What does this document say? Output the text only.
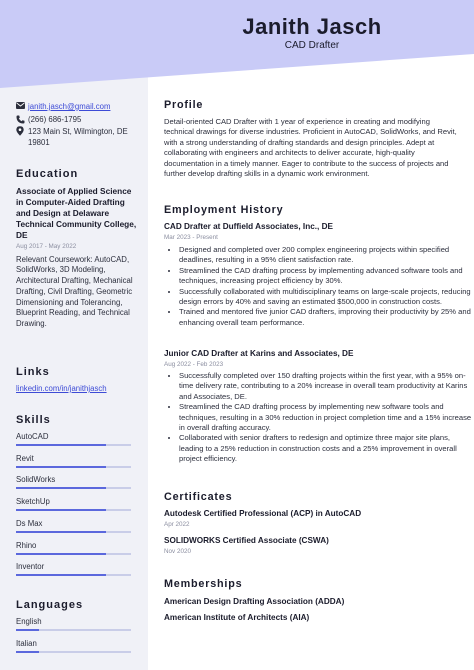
Janith Jasch
CAD Drafter
janith.jasch@gmail.com
(266) 686-1795
123 Main St, Wilmington, DE 19801
Education
Associate of Applied Science in Computer-Aided Drafting and Design at Delaware Technical Community College, DE
Aug 2017 - May 2022
Relevant Coursework: AutoCAD, SolidWorks, 3D Modeling, Architectural Drafting, Mechanical Drafting, Civil Drafting, Geometric Dimensioning and Tolerancing, Blueprint Reading, and Technical Drawing.
Links
linkedin.com/in/janithjasch
Skills
AutoCAD
Revit
SolidWorks
SketchUp
Ds Max
Rhino
Inventor
Languages
English
Italian
Profile
Detail-oriented CAD Drafter with 1 year of experience in creating and modifying technical drawings for diverse industries. Proficient in AutoCAD, SolidWorks, and Revit, with a strong understanding of drafting standards and design principles. Adept at collaborating with engineers and architects to deliver accurate, high-quality documentation in a timely manner. Eager to contribute to the success of projects and further develop drafting skills in a dynamic work environment.
Employment History
CAD Drafter at Duffield Associates, Inc., DE
Mar 2023 - Present
• Designed and completed over 200 complex engineering projects within specified deadlines, resulting in a 95% client satisfaction rate.
• Streamlined the CAD drafting process by implementing advanced software tools and techniques, increasing project efficiency by 30%.
• Successfully collaborated with multidisciplinary teams on large-scale projects, reducing design errors by 40% and saving an estimated $500,000 in construction costs.
• Trained and mentored five junior CAD drafters, improving their productivity by 25% and enhancing overall team performance.
Junior CAD Drafter at Karins and Associates, DE
Aug 2022 - Feb 2023
• Successfully completed over 150 drafting projects within the first year, with a 95% on-time delivery rate, contributing to a 20% increase in overall team productivity at Karins and Associates, DE.
• Streamlined the CAD drafting process by implementing new software tools and techniques, resulting in a 30% reduction in project completion time and a 15% increase in overall drafting accuracy.
• Collaborated with senior drafters to redesign and optimize three major site plans, leading to a 25% reduction in construction costs and a 25% improvement in overall project efficiency.
Certificates
Autodesk Certified Professional (ACP) in AutoCAD
Apr 2022
SOLIDWORKS Certified Associate (CSWA)
Nov 2020
Memberships
American Design Drafting Association (ADDA)
American Institute of Architects (AIA)
